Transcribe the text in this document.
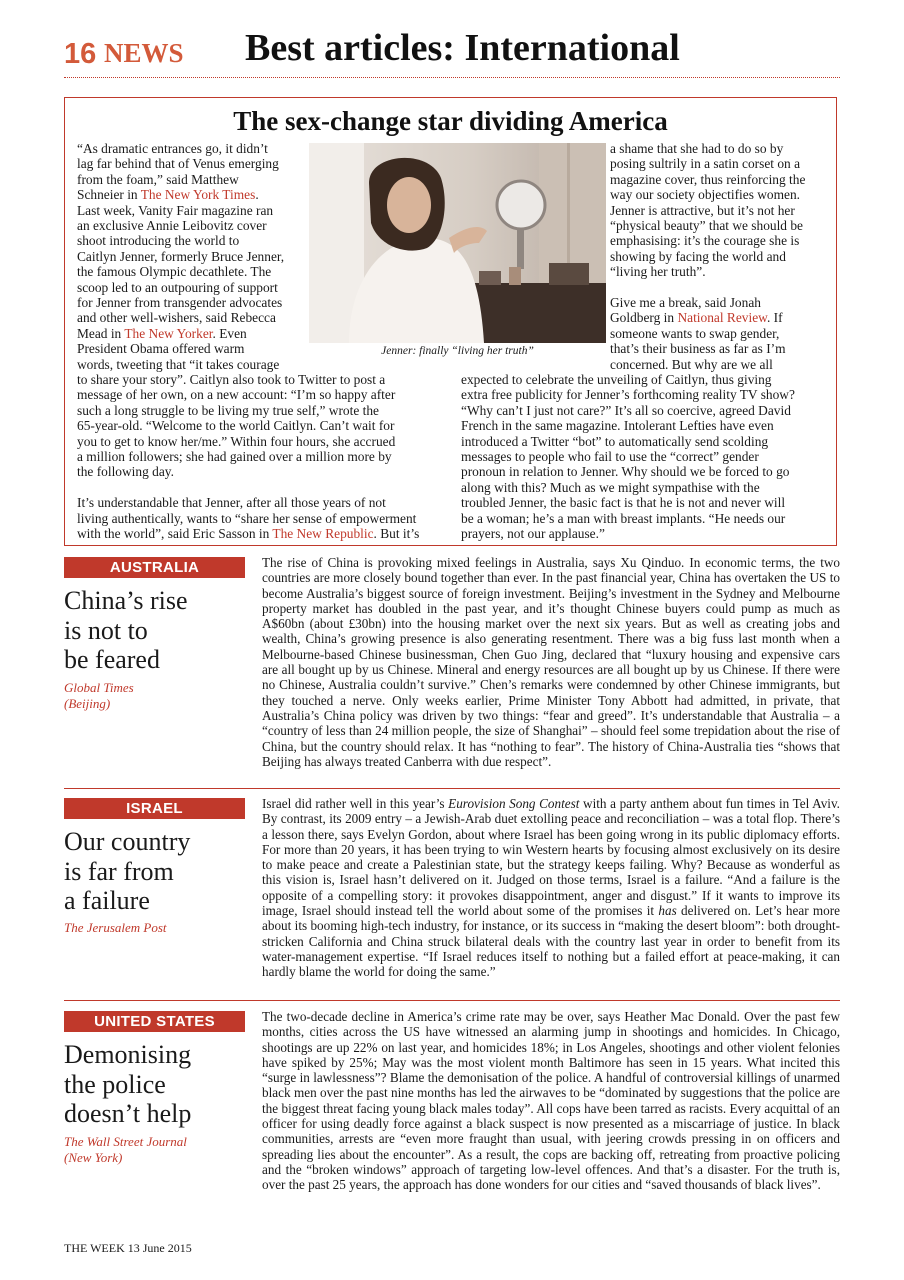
16 NEWS Best articles: International
The sex-change star dividing America
“As dramatic entrances go, it didn’t
lag far behind that of Venus emerging
from the foam,” said Matthew
Schneier in The New York Times.
Last week, Vanity Fair magazine ran
an exclusive Annie Leibovitz cover
shoot introducing the world to
Caitlyn Jenner, formerly Bruce Jenner,
the famous Olympic decathlete. The
scoop led to an outpouring of support
for Jenner from transgender advocates
and other well-wishers, said Rebecca
Mead in The New Yorker. Even
President Obama offered warm
words, tweeting that “it takes courage

to share your story”. Caitlyn also took to Twitter to post a
message of her own, on a new account: “I’m so happy after
such a long struggle to be living my true self,” wrote the
65-year-old. “Welcome to the world Caitlyn. Can’t wait for
you to get to know her/me.” Within four hours, she accrued
a million followers; she had gained over a million more by
the following day.

It’s understandable that Jenner, after all those years of not
living authentically, wants to “share her sense of empowerment
with the world”, said Eric Sasson in The New Republic. But it’s

Jenner: finally “living her truth”

a shame that she had to do so by
posing sultrily in a satin corset on a
magazine cover, thus reinforcing the
way our society objectifies women.
Jenner is attractive, but it’s not her
“physical beauty” that we should be
emphasising: it’s the courage she is
showing by facing the world and
“living her truth”.

Give me a break, said Jonah
Goldberg in National Review. If
someone wants to swap gender,
that’s their business as far as I’m
concerned. But why are we all

expected to celebrate the unveiling of Caitlyn, thus giving
extra free publicity for Jenner’s forthcoming reality TV show?
“Why can’t I just not care?” It’s all so coercive, agreed David
French in the same magazine. Intolerant Lefties have even
introduced a Twitter “bot” to automatically send scolding
messages to people who fail to use the “correct” gender
pronoun in relation to Jenner. Why should we be forced to go
along with this? Much as we might sympathise with the
troubled Jenner, the basic fact is that he is not and never will
be a woman; he’s a man with breast implants. “He needs our
prayers, not our applause.”
AUSTRALIA
China’s rise
is not to
be feared
Global Times
(Beijing)
The rise of China is provoking mixed feelings in Australia, says Xu Qinduo. In economic terms, the two countries are more closely bound together than ever. In the past financial year, China has overtaken the US to become Australia’s biggest source of foreign investment. Beijing’s investment in the Sydney and Melbourne property market has doubled in the past year, and it’s thought Chinese buyers could pump as much as A$60bn (about £30bn) into the housing market over the next six years. But as well as creating jobs and wealth, China’s growing presence is also generating resentment. There was a big fuss last month when a Melbourne-based Chinese businessman, Chen Guo Jing, declared that “luxury housing and expensive cars are all bought up by us Chinese. Mineral and energy resources are all bought up by us Chinese. If there were no Chinese, Australia couldn’t survive.” Chen’s remarks were condemned by other Chinese immigrants, but they touched a nerve. Only weeks earlier, Prime Minister Tony Abbott had admitted, in private, that Australia’s China policy was driven by two things: “fear and greed”. It’s understandable that Australia – a “country of less than 24 million people, the size of Shanghai” – should feel some trepidation about the rise of China, but the country should relax. It has “nothing to fear”. The history of China-Australia ties “shows that Beijing has always treated Canberra with due respect”.
ISRAEL
Our country
is far from
a failure
The Jerusalem Post
Israel did rather well in this year’s Eurovision Song Contest with a party anthem about fun times in Tel Aviv. By contrast, its 2009 entry – a Jewish-Arab duet extolling peace and reconciliation – was a total flop. There’s a lesson there, says Evelyn Gordon, about where Israel has been going wrong in its public diplomacy efforts. For more than 20 years, it has been trying to win Western hearts by focusing almost exclusively on its desire to make peace and create a Palestinian state, but the strategy keeps failing. Why? Because as wonderful as this vision is, Israel hasn’t delivered on it. Judged on those terms, Israel is a failure. “And a failure is the opposite of a compelling story: it provokes disappointment, anger and disgust.” If it wants to improve its image, Israel should instead tell the world about some of the promises it has delivered on. Let’s hear more about its booming high-tech industry, for instance, or its success in “making the desert bloom”: both drought-stricken California and China struck bilateral deals with the country last year in order to benefit from its water-management expertise. “If Israel reduces itself to nothing but a failed effort at peace-making, it can hardly blame the world for doing the same.”
UNITED STATES
Demonising
the police
doesn’t help
The Wall Street Journal
(New York)
The two-decade decline in America’s crime rate may be over, says Heather Mac Donald. Over the past few months, cities across the US have witnessed an alarming jump in shootings and homicides. In Chicago, shootings are up 22% on last year, and homicides 18%; in Los Angeles, shootings and other violent felonies have spiked by 25%; May was the most violent month Baltimore has seen in 15 years. What incited this “surge in lawlessness”? Blame the demonisation of the police. A handful of controversial killings of unarmed black men over the past nine months has led the airwaves to be “dominated by suggestions that the police are the biggest threat facing young black males today”. All cops have been tarred as racists. Every acquittal of an officer for using deadly force against a black suspect is now presented as a miscarriage of justice. In black communities, arrests are “even more fraught than usual, with jeering crowds pressing in on officers and spreading lies about the encounter”. As a result, the cops are backing off, retreating from proactive policing and the “broken windows” approach of targeting low-level offences. And that’s a disaster. For the truth is, over the past 25 years, the approach has done wonders for our cities and “saved thousands of black lives”.
THE WEEK 13 June 2015
